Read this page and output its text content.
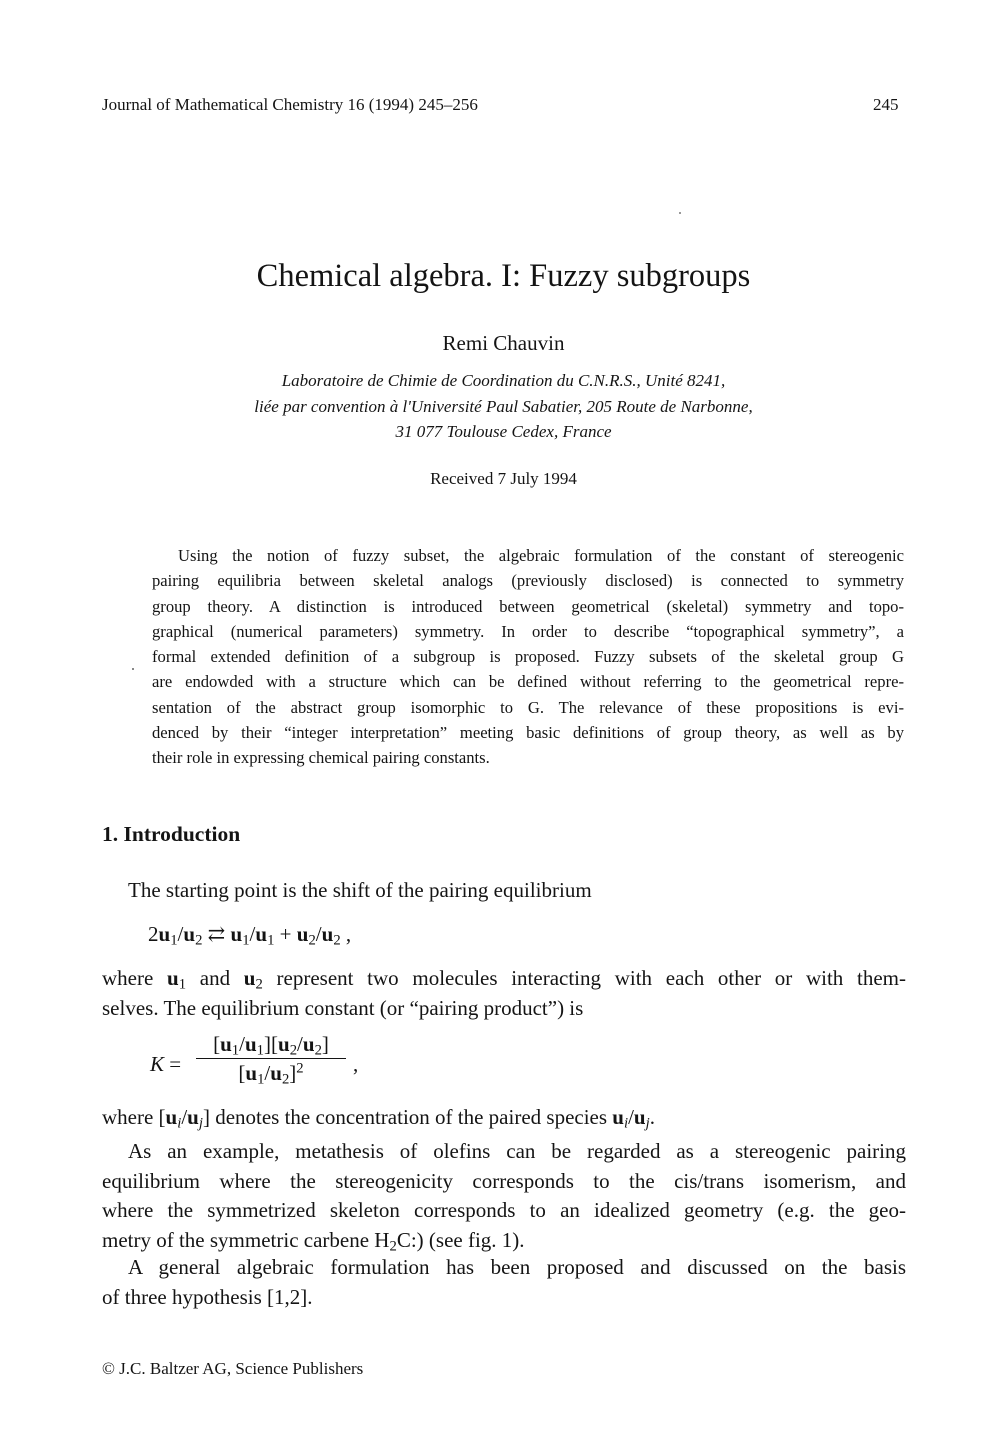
Journal of Mathematical Chemistry 16 (1994) 245–256	245
Chemical algebra. I: Fuzzy subgroups
Remi Chauvin
Laboratoire de Chimie de Coordination du C.N.R.S., Unité 8241,
liée par convention à l'Université Paul Sabatier, 205 Route de Narbonne,
31 077 Toulouse Cedex, France
Received 7 July 1994
Using the notion of fuzzy subset, the algebraic formulation of the constant of stereogenic
pairing equilibria between skeletal analogs (previously disclosed) is connected to symmetry
group theory. A distinction is introduced between geometrical (skeletal) symmetry and topo-
graphical (numerical parameters) symmetry. In order to describe “topographical symmetry”, a
formal extended definition of a subgroup is proposed. Fuzzy subsets of the skeletal group G
are endowded with a structure which can be defined without referring to the geometrical repre-
sentation of the abstract group isomorphic to G. The relevance of these propositions is evi-
denced by their “integer interpretation” meeting basic definitions of group theory, as well as by
their role in expressing chemical pairing constants.
1. Introduction
The starting point is the shift of the pairing equilibrium
$2u_1/u_2$ ⇄ $u_1/u_1 + u_2/u_2$ ,
where $u_1$ and $u_2$ represent two molecules interacting with each other or with them-
selves. The equilibrium constant (or “pairing product”) is
$K = \frac{[u_1/u_1][u_2/u_2]}{[u_1/u_2]^2}$ ,
where $[u_i/u_j]$ denotes the concentration of the paired species $u_i/u_j$.
As an example, metathesis of olefins can be regarded as a stereogenic pairing
equilibrium where the stereogenicity corresponds to the cis/trans isomerism, and
where the symmetrized skeleton corresponds to an idealized geometry (e.g. the geo-
metry of the symmetric carbene $H_2C$:) (see fig. 1).
A general algebraic formulation has been proposed and discussed on the basis
of three hypothesis [1,2].
© J.C. Baltzer AG, Science Publishers
